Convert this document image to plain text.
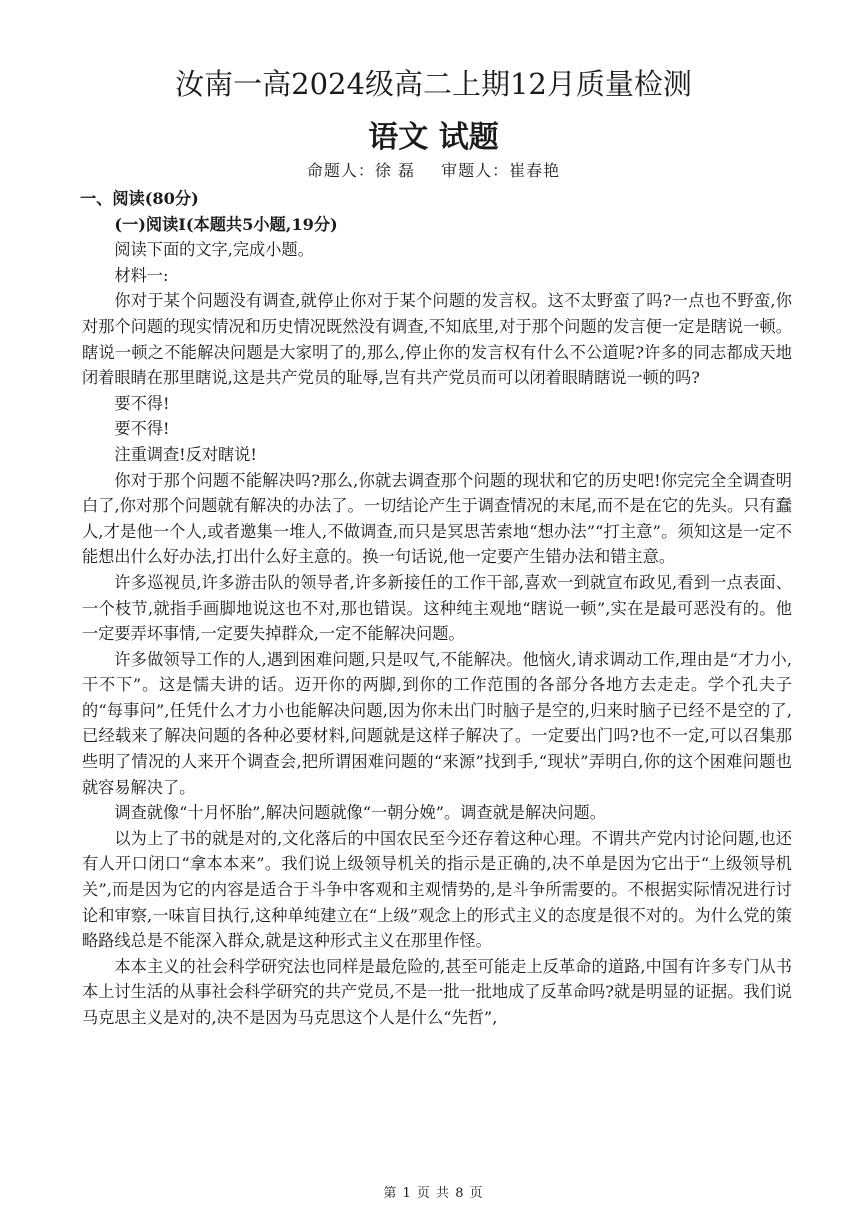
汝南一高2024级高二上期12月质量检测
语文 试题
命题人：徐 磊 审题人：崔春艳

一、阅读(80分)

(一)阅读Ⅰ(本题共5小题,19分)

阅读下面的文字,完成小题。

材料一:

你对于某个问题没有调查,就停止你对于某个问题的发言权。这不太野蛮了吗?一点也不野蛮,你对那个问题的现实情况和历史情况既然没有调查,不知底里,对于那个问题的发言便一定是瞎说一顿。瞎说一顿之不能解决问题是大家明了的,那么,停止你的发言权有什么不公道呢?许多的同志都成天地闭着眼睛在那里瞎说,这是共产党员的耻辱,岂有共产党员而可以闭着眼睛瞎说一顿的吗?

要不得!

要不得!

注重调查!反对瞎说!

你对于那个问题不能解决吗?那么,你就去调查那个问题的现状和它的历史吧!你完完全全调查明白了,你对那个问题就有解决的办法了。一切结论产生于调查情况的末尾,而不是在它的先头。只有蠢人,才是他一个人,或者邀集一堆人,不做调查,而只是冥思苦索地“想办法”“打主意”。须知这是一定不能想出什么好办法,打出什么好主意的。换一句话说,他一定要产生错办法和错主意。

许多巡视员,许多游击队的领导者,许多新接任的工作干部,喜欢一到就宣布政见,看到一点表面、一个枝节,就指手画脚地说这也不对,那也错误。这种纯主观地“瞎说一顿”,实在是最可恶没有的。他一定要弄坏事情,一定要失掉群众,一定不能解决问题。

许多做领导工作的人,遇到困难问题,只是叹气,不能解决。他恼火,请求调动工作,理由是“才力小,干不下”。这是懦夫讲的话。迈开你的两脚,到你的工作范围的各部分各地方去走走。学个孔夫子的“每事问”,任凭什么才力小也能解决问题,因为你未出门时脑子是空的,归来时脑子已经不是空的了,已经载来了解决问题的各种必要材料,问题就是这样子解决了。一定要出门吗?也不一定,可以召集那些明了情况的人来开个调查会,把所谓困难问题的“来源”找到手,“现状”弄明白,你的这个困难问题也就容易解决了。

调查就像“十月怀胎”,解决问题就像“一朝分娩”。调查就是解决问题。

以为上了书的就是对的,文化落后的中国农民至今还存着这种心理。不谓共产党内讨论问题,也还有人开口闭口“拿本本来”。我们说上级领导机关的指示是正确的,决不单是因为它出于“上级领导机关”,而是因为它的内容是适合于斗争中客观和主观情势的,是斗争所需要的。不根据实际情况进行讨论和审察,一味盲目执行,这种单纯建立在“上级”观念上的形式主义的态度是很不对的。为什么党的策略路线总是不能深入群众,就是这种形式主义在那里作怪。

本本主义的社会科学研究法也同样是最危险的,甚至可能走上反革命的道路,中国有许多专门从书本上讨生活的从事社会科学研究的共产党员,不是一批一批地成了反革命吗?就是明显的证据。我们说马克思主义是对的,决不是因为马克思这个人是什么“先哲”,

第 1 页 共 8 页
